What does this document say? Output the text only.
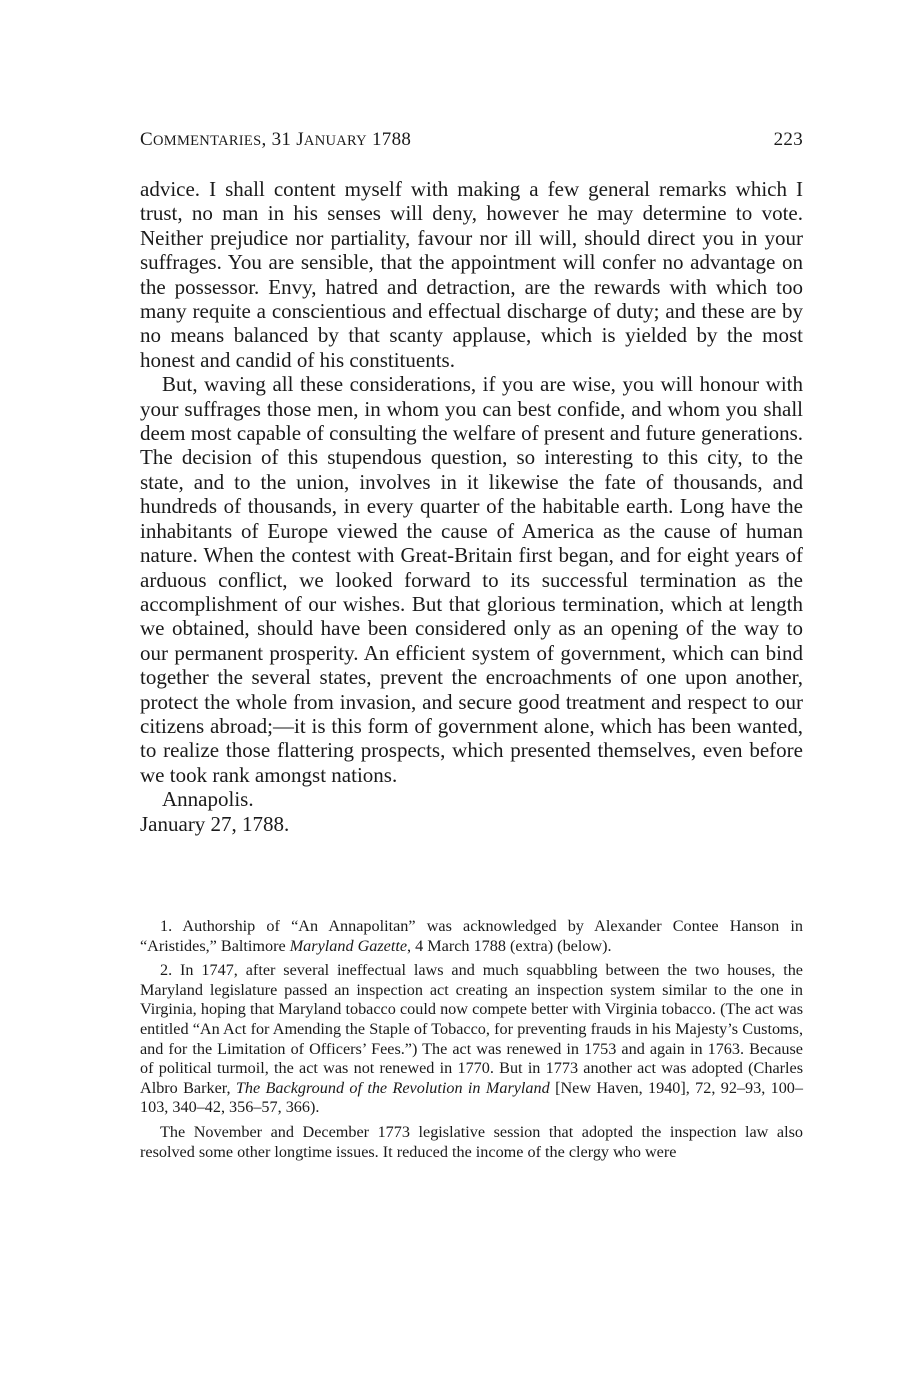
COMMENTARIES, 31 JANUARY 1788	223

advice. I shall content myself with making a few general remarks which I trust, no man in his senses will deny, however he may determine to vote. Neither prejudice nor partiality, favour nor ill will, should direct you in your suffrages. You are sensible, that the appointment will confer no advantage on the possessor. Envy, hatred and detraction, are the rewards with which too many requite a conscientious and effectual discharge of duty; and these are by no means balanced by that scanty applause, which is yielded by the most honest and candid of his constituents.

But, waving all these considerations, if you are wise, you will honour with your suffrages those men, in whom you can best confide, and whom you shall deem most capable of consulting the welfare of present and future generations. The decision of this stupendous question, so interesting to this city, to the state, and to the union, involves in it likewise the fate of thousands, and hundreds of thousands, in every quarter of the habitable earth. Long have the inhabitants of Europe viewed the cause of America as the cause of human nature. When the contest with Great-Britain first began, and for eight years of arduous conflict, we looked forward to its successful termination as the accomplishment of our wishes. But that glorious termination, which at length we obtained, should have been considered only as an opening of the way to our permanent prosperity. An efficient system of government, which can bind together the several states, prevent the encroachments of one upon another, protect the whole from invasion, and secure good treatment and respect to our citizens abroad;—it is this form of government alone, which has been wanted, to realize those flattering prospects, which presented themselves, even before we took rank amongst nations.

Annapolis.

January 27, 1788.

1. Authorship of “An Annapolitan” was acknowledged by Alexander Contee Hanson in “Aristides,” Baltimore Maryland Gazette, 4 March 1788 (extra) (below).

2. In 1747, after several ineffectual laws and much squabbling between the two houses, the Maryland legislature passed an inspection act creating an inspection system similar to the one in Virginia, hoping that Maryland tobacco could now compete better with Virginia tobacco. (The act was entitled “An Act for Amending the Staple of Tobacco, for preventing frauds in his Majesty’s Customs, and for the Limitation of Officers’ Fees.”) The act was renewed in 1753 and again in 1763. Because of political turmoil, the act was not renewed in 1770. But in 1773 another act was adopted (Charles Albro Barker, The Background of the Revolution in Maryland [New Haven, 1940], 72, 92–93, 100–103, 340–42, 356–57, 366).

The November and December 1773 legislative session that adopted the inspection law also resolved some other longtime issues. It reduced the income of the clergy who were
